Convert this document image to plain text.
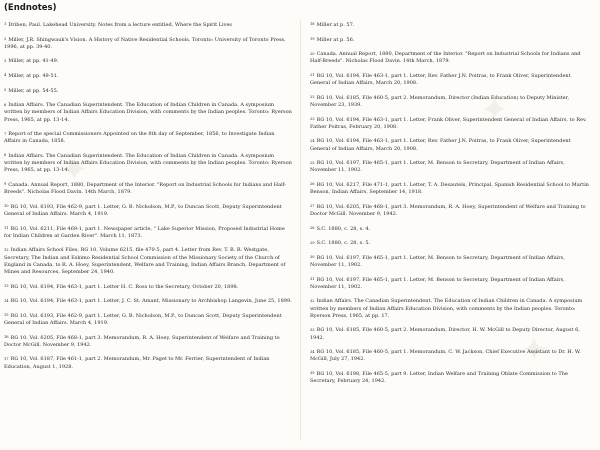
✦
✦
✦
(Endnotes)
$^1$ Driben, Paul. Lakehead University. Notes from a lecture entitled, Where the Spirit Lives
$^2$ Miller, J.R. Shingwauk's Vision. A History of Native Residential Schools. Toronto: University of Toronto Press, 1996, at pp. 39-40.
$^3$ Miller, at pp. 41-49.
$^4$ Miller, at pp. 49-51.
$^5$ Miller, at pp. 54-55.
$^6$ Indian Affairs. The Canadian Superintendent. The Education of Indian Children in Canada. A symposium written by members of Indian Affairs Education Division, with comments by the Indian peoples. Toronto: Ryerson Press, 1965, at pp. 13-14.
$^7$ Report of the special Commissioners Appointed on the 8th day of September, 1856, to Investigate Indian Affairs in Canada, 1858.
$^8$ Indian Affairs. The Canadian Superintendent. The Education of Indian Children in Canada. A symposium written by members of Indian Affairs Education Division, with comments by the Indian peoples. Toronto: Ryerson Press, 1965, at pp. 13-14.
$^9$ Canada. Annual Report, 1880, Department of the Interior. "Report on Industrial Schools for Indians and Half-Breeds". Nicholas Flood Davin. 14th March, 1879.
$^{10}$ RG 10, Vol. 6193, File 462-9, part 1. Letter, G. B. Nicholson, M.P., to Duncan Scott, Deputy Superintendent General of Indian Affairs. March 4, 1919.
$^{11}$ RG 10, Vol. 6211, File 469-1, part 1. Newspaper article, " Lake Superior Mission, Proposed Industrial Home for Indian Children at Garden River". March 11, 1873.
$^{12}$ Indian Affairs School Files, RG 10, Volume 6215, file 470-5, part 4. Letter from Rev. T. B. R. Westgate, Secretary, The Indian and Eskimo Residential School Commission of the Missionary Society of the Church of England in Canada, to R. A. Hoey, Superintendent, Welfare and Training, Indian Affairs Branch, Department of Mines and Resources, September 24, 1940.
$^{13}$ RG 10, Vol. 6194, File 463-1, part 1. Letter H. C. Ross to the Secretary, October 20, 1898.
$^{14}$ RG 10, Vol. 6194, File 463-1, part 1. Letter, J. C. St. Amant, Missionary to Archbishop Langevin, June 25, 1899.
$^{15}$ RG 10, Vol. 6193, File 462-9, part 1. Letter, G. B. Nicholson, M.P., to Duncan Scott, Deputy Superintendent General of Indian Affairs. March 4, 1919.
$^{16}$ RG 10, Vol. 6205, File 468-1, part 3. Memorandum, R. A. Hoey, Superintendent of Welfare and Training to Doctor McGill. November 9, 1942.
$^{17}$ RG 10, Vol. 6187, File 461-1, part 2. Memorandum, Mr. Paget to Mr. Ferrier, Superintendent of Indian Education, August 1, 1928.
$^{18}$ Miller at p. 57.
$^{19}$ Miller at p. 56.
$^{20}$ Canada. Annual Report, 1880, Department of the Interior. "Report on Industrial Schools for Indians and Half-Breeds". Nicholas Flood Davin. 14th March, 1879.
$^{21}$ RG 10, Vol. 6194, File 463-1, part 1. Letter, Rev. Father J.N. Poitras, to Frank Oliver, Superintendent General of Indian Affairs, March 20, 1908.
$^{22}$ RG 10, Vol. 6185, File 460-5, part 2. Memorandum, Director (Indian Education) to Deputy Minister, November 23, 1939.
$^{23}$ RG 10, Vol. 6194, File 463-1, part 1. Letter, Frank Oliver, Superintendent General of Indian Affairs, to Rev. Father Poitras, February 20, 1908.
$^{24}$ RG 10, Vol. 6194, File 463-1, part 1. Letter, Rev. Father J.N. Poitras, to Frank Oliver, Superintendent General of Indian Affairs, March 20, 1908.
$^{25}$ RG 10, Vol. 6197, File 465-1, part 1. Letter, M. Benson to Secretary, Department of Indian Affairs, November 11, 1902.
$^{26}$ RG 10, Vol. 6217, File 471-1, part 1. Letter, T. A. Desautels, Principal, Spanish Residential School to Martin Benson, Indian Affairs, September 14, 1918.
$^{27}$ RG 10, Vol. 6205, File 468-1, part 3. Memorandum, R. A. Hoey, Superintendent of Welfare and Training to Doctor McGill. November 9, 1942.
$^{28}$ S.C. 1880, c. 28, s. 4.
$^{29}$ S.C. 1880, c. 28, s. 5.
$^{30}$ RG 10, Vol. 6197, File 465-1, part 1. Letter, M. Benson to Secretary, Department of Indian Affairs, November 11, 1902.
$^{31}$ RG 10, Vol. 6197, File 465-1, part 1. Letter, M. Benson to Secretary, Department of Indian Affairs, November 11, 1902.
$^{32}$ Indian Affairs. The Canadian Superintendent. The Education of Indian Children in Canada. A symposium written by members of Indian Affairs Education Division, with comments by the Indian peoples. Toronto: Ryerson Press, 1965, at pp. 17.
$^{33}$ RG 10, Vol. 6185, File 460-5, part 2. Memorandum, Director, H. W. McGill to Deputy Director, August 6, 1942.
$^{34}$ RG 10, Vol. 6185, File 460-5, part 1. Memorandum, C. W. Jackson, Chief Executive Assistant to Dr. H. W. McGill, July 27, 1942.
$^{35}$ RG 10, Vol. 6198, File 465-5, part 9. Letter, Indian Welfare and Training Oblate Commission to The Secretary, February 24, 1942.
